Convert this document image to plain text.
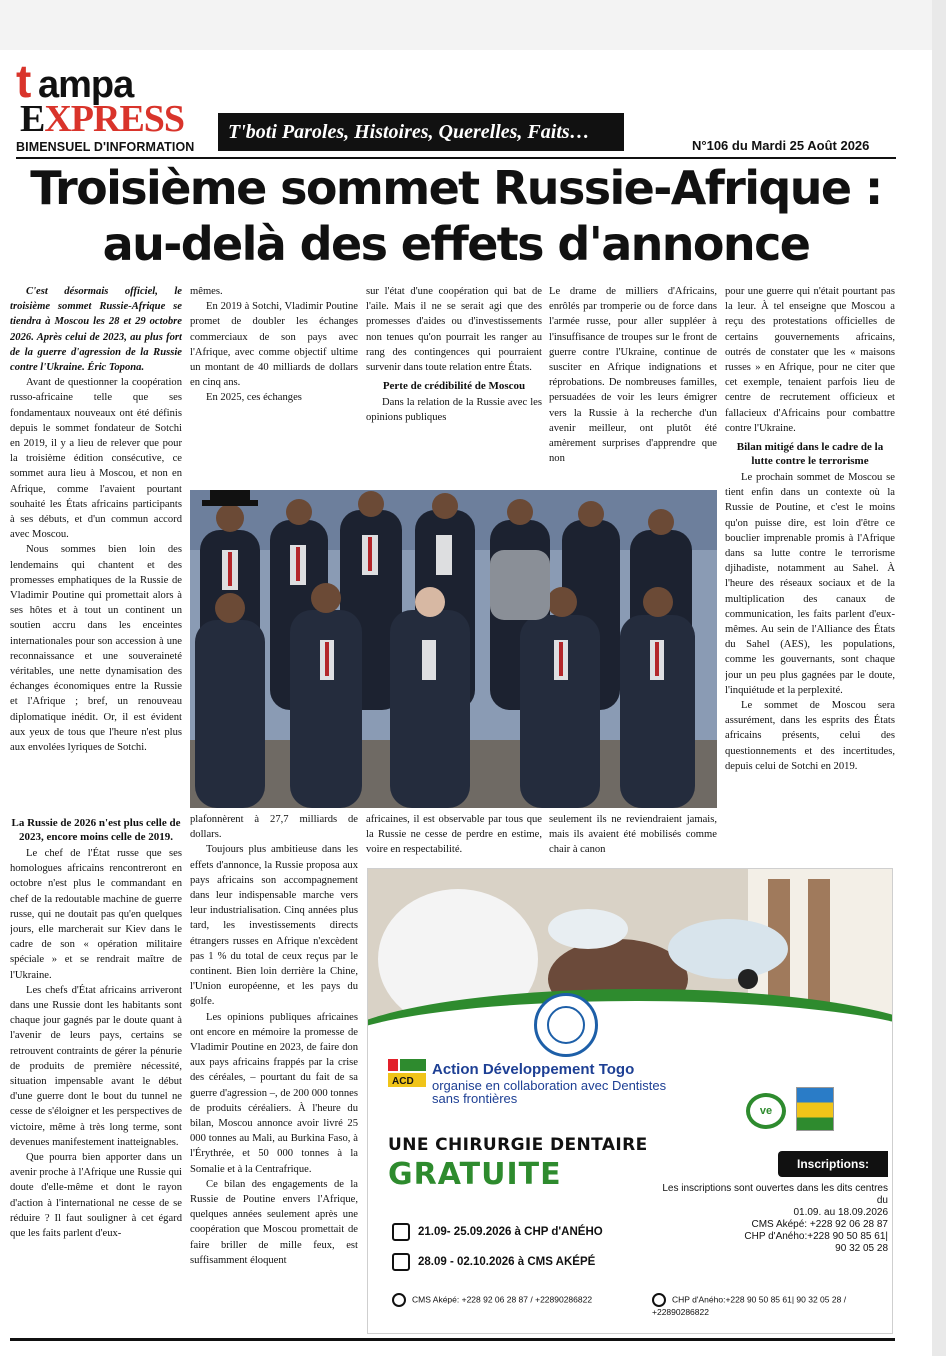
t ampa
EXPRESS
BIMENSUEL D'INFORMATION
T'boti Paroles, Histoires, Querelles, Faits…
N°106 du Mardi 25 Août 2026
Troisième sommet Russie-Afrique :
au-delà des effets d'annonce

C'est désormais officiel, le troisième sommet Russie-Afrique se tiendra à Moscou les 28 et 29 octobre 2026. Après celui de 2023, au plus fort de la guerre d'agression de la Russie contre l'Ukraine. Éric Topona.

Avant de questionner la coopération russo-africaine telle que ses fondamentaux nouveaux ont été définis depuis le sommet fondateur de Sotchi en 2019, il y a lieu de relever que pour la troisième édition consécutive, ce sommet aura lieu à Moscou, et non en Afrique, comme l'avaient pourtant souhaité les États africains participants à ses débuts, et d'un commun accord avec Moscou.

Nous sommes bien loin des lendemains qui chantent et des promesses emphatiques de la Russie de Vladimir Poutine qui promettait alors à ses hôtes et à tout un continent un soutien accru dans les enceintes internationales pour son accession à une reconnaissance et une souveraineté véritables, une nette dynamisation des échanges économiques entre la Russie et l'Afrique ; bref, un renouveau diplomatique inédit. Or, il est évident aux yeux de tous que l'heure n'est plus aux envolées lyriques de Sotchi.

mêmes.

En 2019 à Sotchi, Vladimir Poutine promet de doubler les échanges commerciaux de son pays avec l'Afrique, avec comme objectif ultime un montant de 40 milliards de dollars en cinq ans.

En 2025, ces échanges

sur l'état d'une coopération qui bat de l'aile. Mais il ne se serait agi que des promesses d'aides ou d'investissements non tenues qu'on pourrait les ranger au rang des contingences qui pourraient survenir dans toute relation entre États.

Perte de crédibilité de Moscou

Dans la relation de la Russie avec les opinions publiques

Le drame de milliers d'Africains, enrôlés par tromperie ou de force dans l'armée russe, pour aller suppléer à l'insuffisance de troupes sur le front de guerre contre l'Ukraine, continue de susciter en Afrique indignations et réprobations. De nombreuses familles, persuadées de voir les leurs émigrer vers la Russie à la recherche d'un avenir meilleur, ont plutôt été amèrement surprises d'apprendre que non

pour une guerre qui n'était pourtant pas la leur. À tel enseigne que Moscou a reçu des protestations officielles de certains gouvernements africains, outrés de constater que les « maisons russes » en Afrique, pour ne citer que cet exemple, tenaient parfois lieu de centre de recrutement officieux et fallacieux d'Africains pour combattre contre l'Ukraine.

Bilan mitigé dans le cadre de la lutte contre le terrorisme

Le prochain sommet de Moscou se tient enfin dans un contexte où la Russie de Poutine, et c'est le moins qu'on puisse dire, est loin d'être ce bouclier imprenable promis à l'Afrique dans sa lutte contre le terrorisme djihadiste, notamment au Sahel. À l'heure des réseaux sociaux et de la multiplication des canaux de communication, les faits parlent d'eux-mêmes. Au sein de l'Alliance des États du Sahel (AES), les populations, comme les gouvernants, sont chaque jour un peu plus gagnées par le doute, l'inquiétude et la perplexité.

Le sommet de Moscou sera assurément, dans les esprits des États africains présents, celui des questionnements et des incertitudes, depuis celui de Sotchi en 2019.

La Russie de 2026 n'est plus celle de 2023, encore moins celle de 2019.

Le chef de l'État russe que ses homologues africains rencontreront en octobre n'est plus le commandant en chef de la redoutable machine de guerre russe, qui ne doutait pas qu'en quelques jours, elle marcherait sur Kiev dans le cadre de son « opération militaire spéciale » et se rendrait maître de l'Ukraine.

Les chefs d'État africains arriveront dans une Russie dont les habitants sont chaque jour gagnés par le doute quant à l'avenir de leurs pays, certains se retrouvent contraints de gérer la pénurie de produits de première nécessité, situation impensable avant le début d'une guerre dont le bout du tunnel ne cesse de s'éloigner et les perspectives de victoire, même à très long terme, sont devenues manifestement inatteignables.

Que pourra bien apporter dans un avenir proche à l'Afrique une Russie qui doute d'elle-même et dont le rayon d'action à l'international ne cesse de se réduire ? Il faut souligner à cet égard que les faits parlent d'eux-

plafonnèrent à 27,7 milliards de dollars.

Toujours plus ambitieuse dans les effets d'annonce, la Russie proposa aux pays africains son accompagnement dans leur indispensable marche vers leur industrialisation. Cinq années plus tard, les investissements directs étrangers russes en Afrique n'excèdent pas 1 % du total de ceux reçus par le continent. Bien loin derrière la Chine, l'Union européenne, et les pays du golfe.

Les opinions publiques africaines ont encore en mémoire la promesse de Vladimir Poutine en 2023, de faire don aux pays africains frappés par la crise des céréales, – pourtant du fait de sa guerre d'agression –, de 200 000 tonnes de produits céréaliers. À l'heure du bilan, Moscou annonce avoir livré 25 000 tonnes au Mali, au Burkina Faso, à l'Érythrée, et 50 000 tonnes à la Somalie et à la Centrafrique.

Ce bilan des engagements de la Russie de Poutine envers l'Afrique, quelques années seulement après une coopération que Moscou promettait de faire briller de mille feux, est suffisamment éloquent

africaines, il est observable par tous que la Russie ne cesse de perdre en estime, voire en respectabilité.

seulement ils ne reviendraient jamais, mais ils avaient été mobilisés comme chair à canon

ACD
Action Développement Togo
organise en collaboration avec Dentistes sans frontières
ve
UNE CHIRURGIE DENTAIRE
GRATUITE	Inscriptions:
Les inscriptions sont ouvertes dans les dits centres du
01.09. au 18.09.2026
CMS Aképé: +228 92 06 28 87
CHP d'Aného:+228 90 50 85 61|
90 32 05 28
21.09- 25.09.2026 à CHP d'ANÉHO
28.09 - 02.10.2026 à CMS AKÉPÉ
CMS Aképé: +228 92 06 28 87 / +22890286822	CHP d'Aného:+228 90 50 85 61| 90 32 05 28 / +22890286822
